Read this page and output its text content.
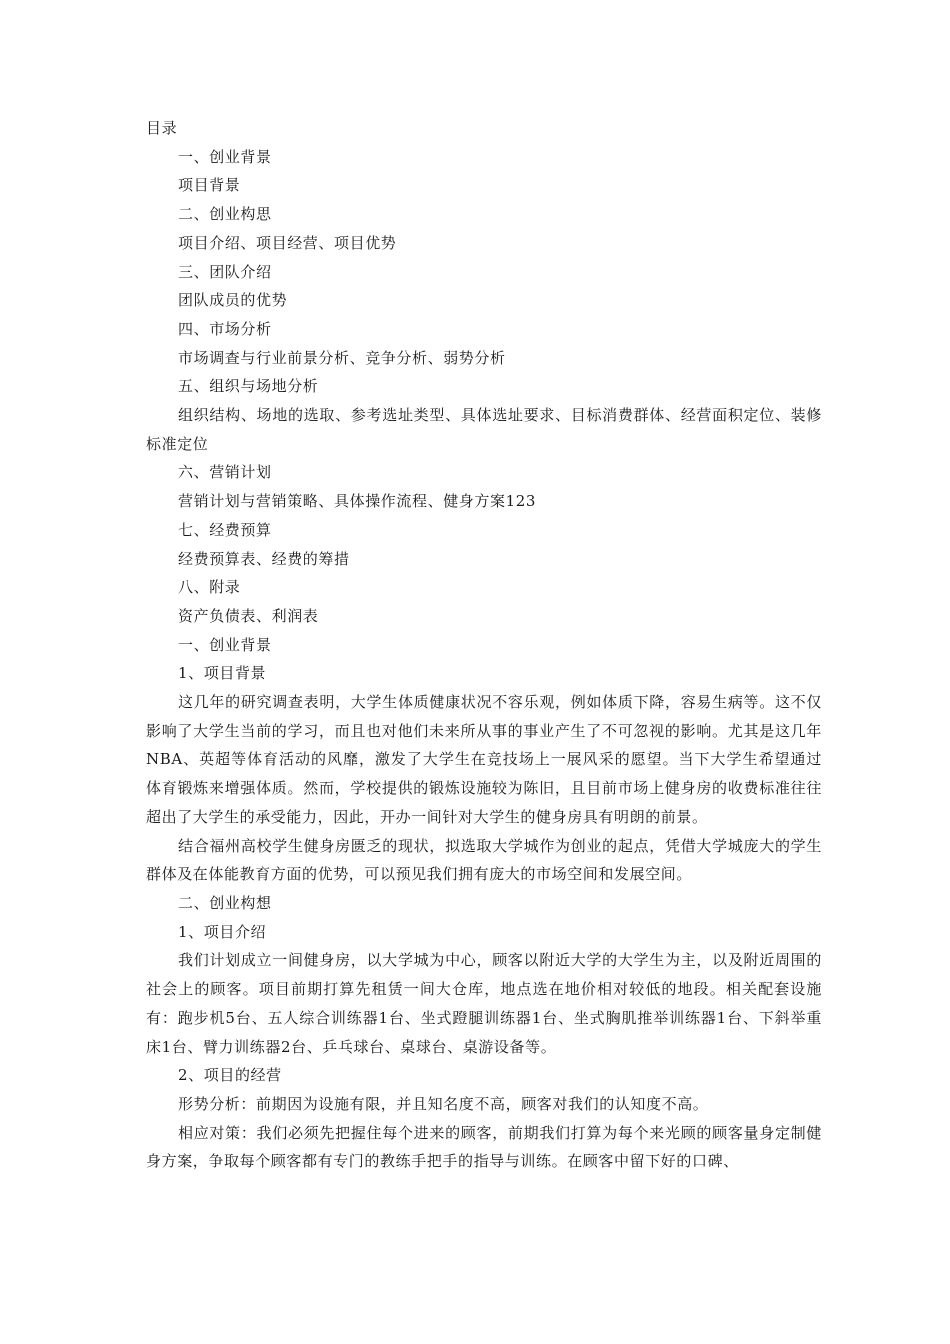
目录

一、创业背景

项目背景

二、创业构思

项目介绍、项目经营、项目优势

三、团队介绍

团队成员的优势

四、市场分析

市场调查与行业前景分析、竞争分析、弱势分析

五、组织与场地分析

组织结构、场地的选取、参考选址类型、具体选址要求、目标消费群体、经营面积定位、装修标准定位

六、营销计划

营销计划与营销策略、具体操作流程、健身方案123

七、经费预算

经费预算表、经费的筹措

八、附录

资产负债表、利润表

一、创业背景

1、项目背景

这几年的研究调查表明，大学生体质健康状况不容乐观，例如体质下降，容易生病等。这不仅影响了大学生当前的学习，而且也对他们未来所从事的事业产生了不可忽视的影响。尤其是这几年NBA、英超等体育活动的风靡，激发了大学生在竞技场上一展风采的愿望。当下大学生希望通过体育锻炼来增强体质。然而，学校提供的锻炼设施较为陈旧，且目前市场上健身房的收费标准往往超出了大学生的承受能力，因此，开办一间针对大学生的健身房具有明朗的前景。

结合福州高校学生健身房匮乏的现状，拟选取大学城作为创业的起点，凭借大学城庞大的学生群体及在体能教育方面的优势，可以预见我们拥有庞大的市场空间和发展空间。

二、创业构想

1、项目介绍

我们计划成立一间健身房，以大学城为中心，顾客以附近大学的大学生为主，以及附近周围的社会上的顾客。项目前期打算先租赁一间大仓库，地点选在地价相对较低的地段。相关配套设施有：跑步机5台、五人综合训练器1台、坐式蹬腿训练器1台、坐式胸肌推举训练器1台、下斜举重床1台、臂力训练器2台、乒乓球台、桌球台、桌游设备等。

2、项目的经营

形势分析：前期因为设施有限，并且知名度不高，顾客对我们的认知度不高。

相应对策：我们必须先把握住每个进来的顾客，前期我们打算为每个来光顾的顾客量身定制健身方案，争取每个顾客都有专门的教练手把手的指导与训练。在顾客中留下好的口碑、
